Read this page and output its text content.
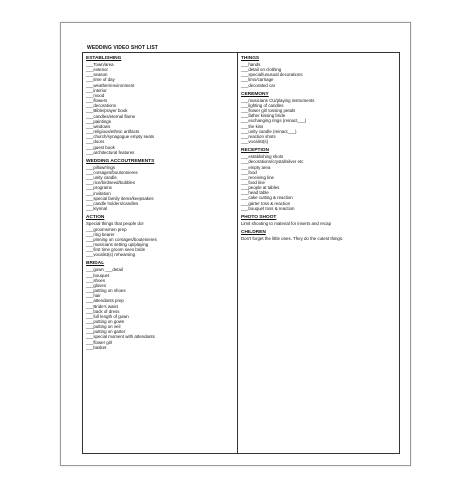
WEDDING VIDEO SHOT LIST
ESTABLISHING
___Town/area
___exterior
___season
___time of day
___weather/environment
___interior
___mood
___flowers
___decorations
___Bible/prayer book
___candles/eternal flame
___paintings
___windows
___religious/ethnic artifacts
___church/synagogue empty seats
___doors
___guest book
___architectural features
WEDDING ACCOUTREMENTS
___pillow/rings
___corsages/boutonnieres
___unity candle
___rice/birdseed/bubbles
___programs
___invitation
___special family items/keepsakes
___candle holders/candles
___kiynnal
ACTION
Special things that people do!
___groomsmen prep
___ring bearer
___pinning on corsages/boutenieres
___musicians setting up/playing
___first time groom sees bride
___vocalist(s) rehearsing
BRIDAL
___gown ___detail
___bouquet
___shoes
___gloves
___putting on shoes
___hair
___attendants prep
___Bride's waist
___back of dress
___full length of gown
___putting on gown
___putting on veil
___putting on garter
___special moment with attendants
___flower girl
___basket
THINGS
___hands
___detail on clothing
___special/unusual decorations
___limo/carriage
___decorated car
CEREMONY
___musicians CU/playing instruments
___lighting of candles
___flower girl tossing petals
___father kissing bride
___exchanging rings (reinact___)
___the kiss
___unity candle (reinact___)
___reaction shots
___vocalist(s)
RECEPTION
___establishing shots
___decorations/crystal/silver etc
___empty area
___food
___receiving line
___food line
___people at tables
___head table
___cake cutting & reaction
___garter toss & reaction
___bouquet toss & reaction
PHOTO SHOOT
Limit shooting to material for inserts and recap
CHILDREN
Don't forget the little ones. They do the cutest things.
